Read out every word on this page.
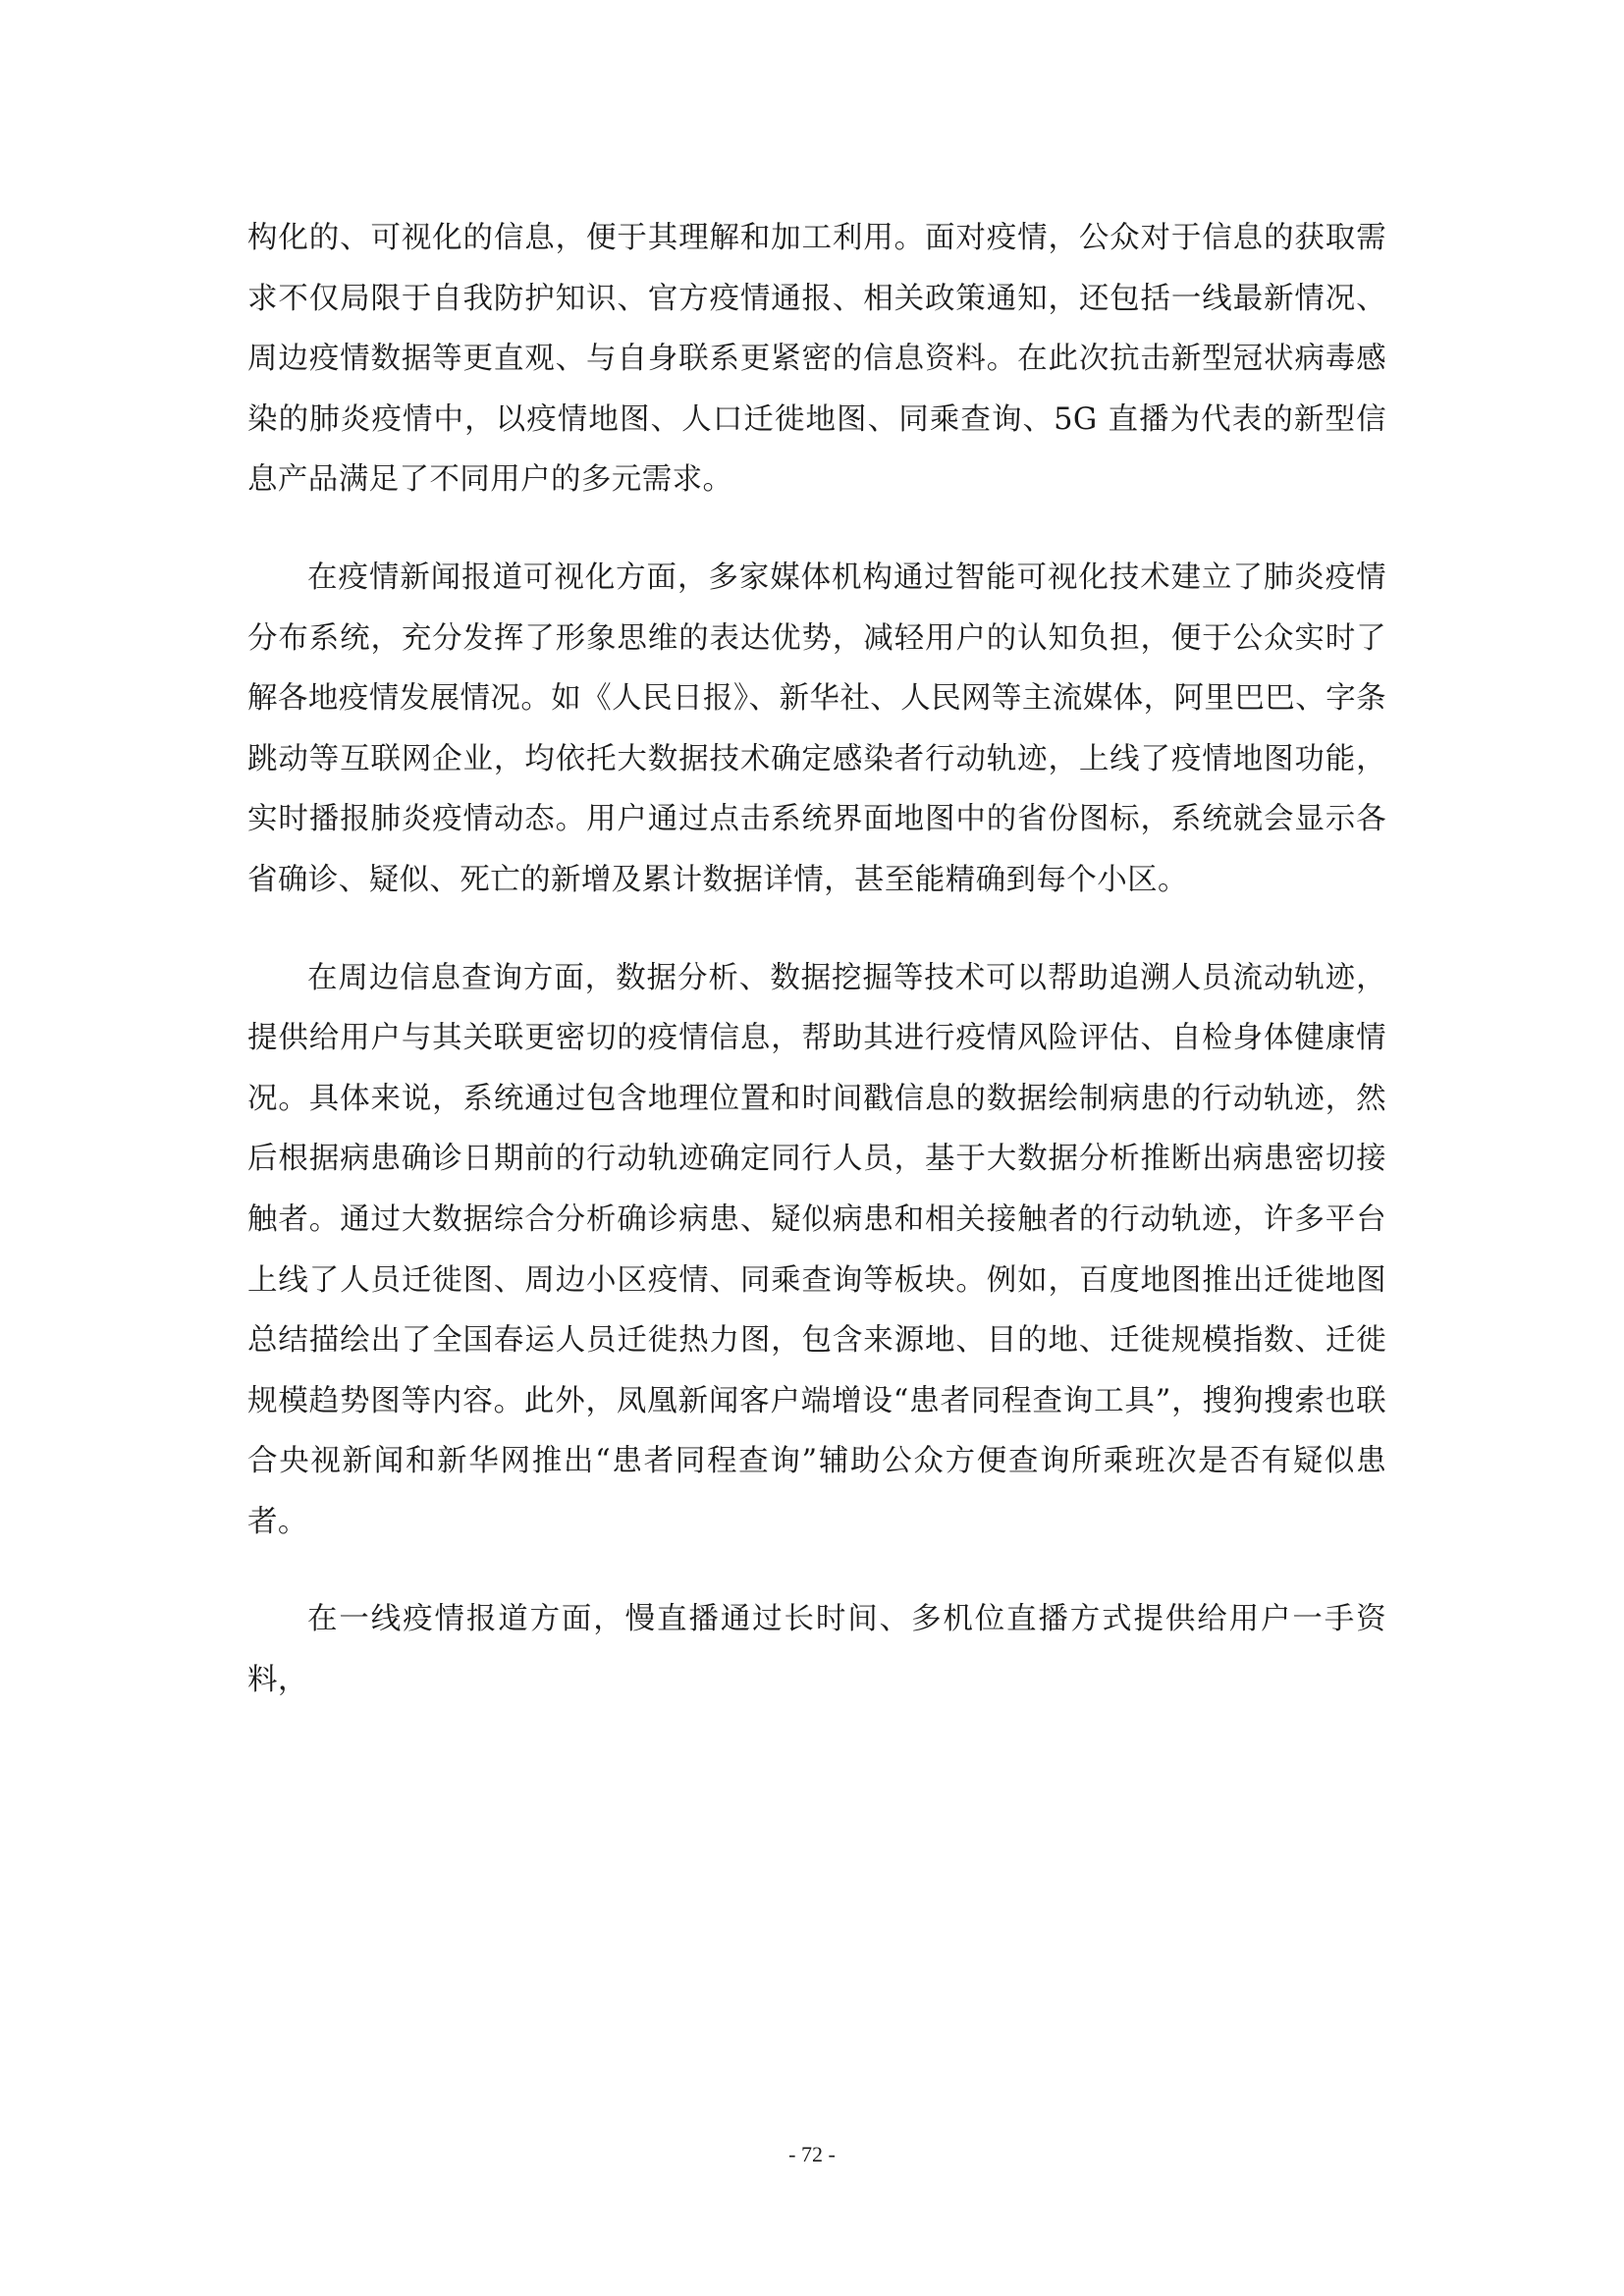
构化的、可视化的信息，便于其理解和加工利用。面对疫情，公众对于信息的获取需求不仅局限于自我防护知识、官方疫情通报、相关政策通知，还包括一线最新情况、周边疫情数据等更直观、与自身联系更紧密的信息资料。在此次抗击新型冠状病毒感染的肺炎疫情中，以疫情地图、人口迁徙地图、同乘查询、5G 直播为代表的新型信息产品满足了不同用户的多元需求。

在疫情新闻报道可视化方面，多家媒体机构通过智能可视化技术建立了肺炎疫情分布系统，充分发挥了形象思维的表达优势，减轻用户的认知负担，便于公众实时了解各地疫情发展情况。如《人民日报》、新华社、人民网等主流媒体，阿里巴巴、字条跳动等互联网企业，均依托大数据技术确定感染者行动轨迹，上线了疫情地图功能，实时播报肺炎疫情动态。用户通过点击系统界面地图中的省份图标，系统就会显示各省确诊、疑似、死亡的新增及累计数据详情，甚至能精确到每个小区。

在周边信息查询方面，数据分析、数据挖掘等技术可以帮助追溯人员流动轨迹，提供给用户与其关联更密切的疫情信息，帮助其进行疫情风险评估、自检身体健康情况。具体来说，系统通过包含地理位置和时间戳信息的数据绘制病患的行动轨迹，然后根据病患确诊日期前的行动轨迹确定同行人员，基于大数据分析推断出病患密切接触者。通过大数据综合分析确诊病患、疑似病患和相关接触者的行动轨迹，许多平台上线了人员迁徙图、周边小区疫情、同乘查询等板块。例如，百度地图推出迁徙地图总结描绘出了全国春运人员迁徙热力图，包含来源地、目的地、迁徙规模指数、迁徙规模趋势图等内容。此外，凤凰新闻客户端增设“患者同程查询工具”，搜狗搜索也联合央视新闻和新华网推出“患者同程查询”辅助公众方便查询所乘班次是否有疑似患者。

在一线疫情报道方面，慢直播通过长时间、多机位直播方式提供给用户一手资料，

- 72 -
